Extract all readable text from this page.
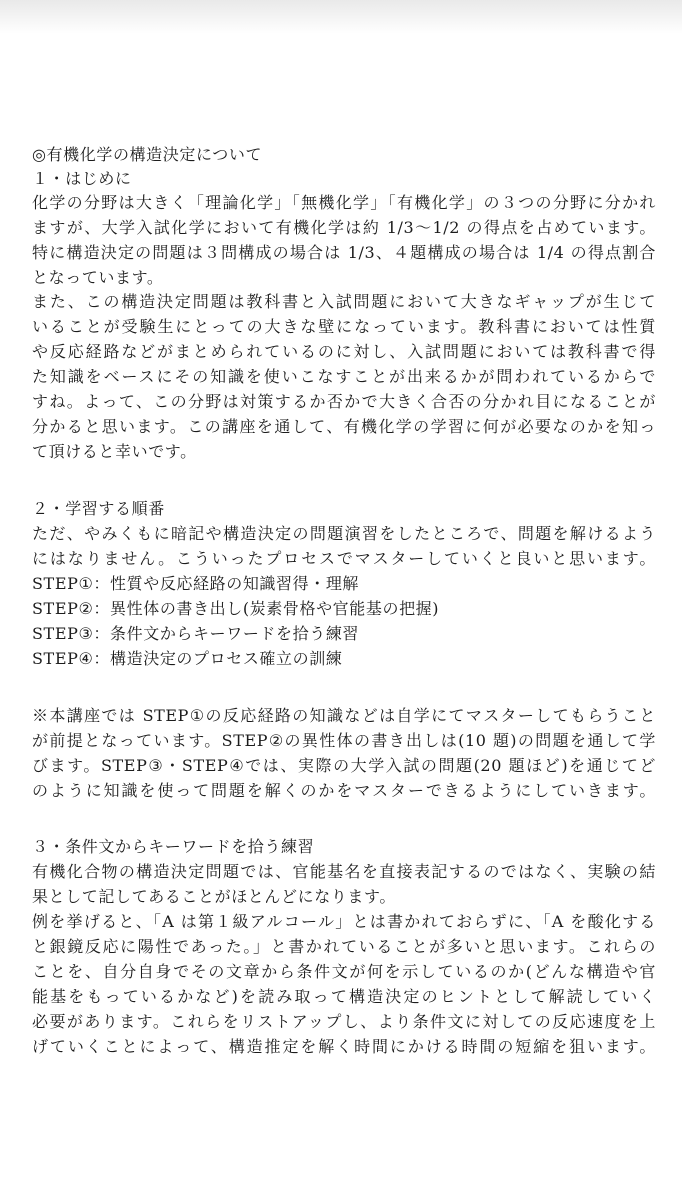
◎有機化学の構造決定について
１・はじめに
化学の分野は大きく「理論化学」「無機化学」「有機化学」の３つの分野に分かれ
ますが、大学入試化学において有機化学は約 1/3〜1/2 の得点を占めています。
特に構造決定の問題は３問構成の場合は 1/3、４題構成の場合は 1/4 の得点割合
となっています。
また、この構造決定問題は教科書と入試問題において大きなギャップが生じて
いることが受験生にとっての大きな壁になっています。教科書においては性質
や反応経路などがまとめられているのに対し、入試問題においては教科書で得
た知識をベースにその知識を使いこなすことが出来るかが問われているからで
すね。よって、この分野は対策するか否かで大きく合否の分かれ目になることが
分かると思います。この講座を通して、有機化学の学習に何が必要なのかを知っ
て頂けると幸いです。
２・学習する順番
ただ、やみくもに暗記や構造決定の問題演習をしたところで、問題を解けるよう
にはなりません。こういったプロセスでマスターしていくと良いと思います。
STEP①：性質や反応経路の知識習得・理解
STEP②：異性体の書き出し(炭素骨格や官能基の把握)
STEP③：条件文からキーワードを拾う練習
STEP④：構造決定のプロセス確立の訓練
※本講座では STEP①の反応経路の知識などは自学にてマスターしてもらうこと
が前提となっています。STEP②の異性体の書き出しは(10 題)の問題を通して学
びます。STEP③・STEP④では、実際の大学入試の問題(20 題ほど)を通じてど
のように知識を使って問題を解くのかをマスターできるようにしていきます。
３・条件文からキーワードを拾う練習
有機化合物の構造決定問題では、官能基名を直接表記するのではなく、実験の結
果として記してあることがほとんどになります。
例を挙げると、「A は第１級アルコール」とは書かれておらずに、「A を酸化する
と銀鏡反応に陽性であった。」と書かれていることが多いと思います。これらの
ことを、自分自身でその文章から条件文が何を示しているのか(どんな構造や官
能基をもっているかなど)を読み取って構造決定のヒントとして解読していく
必要があります。これらをリストアップし、より条件文に対しての反応速度を上
げていくことによって、構造推定を解く時間にかける時間の短縮を狙います。
